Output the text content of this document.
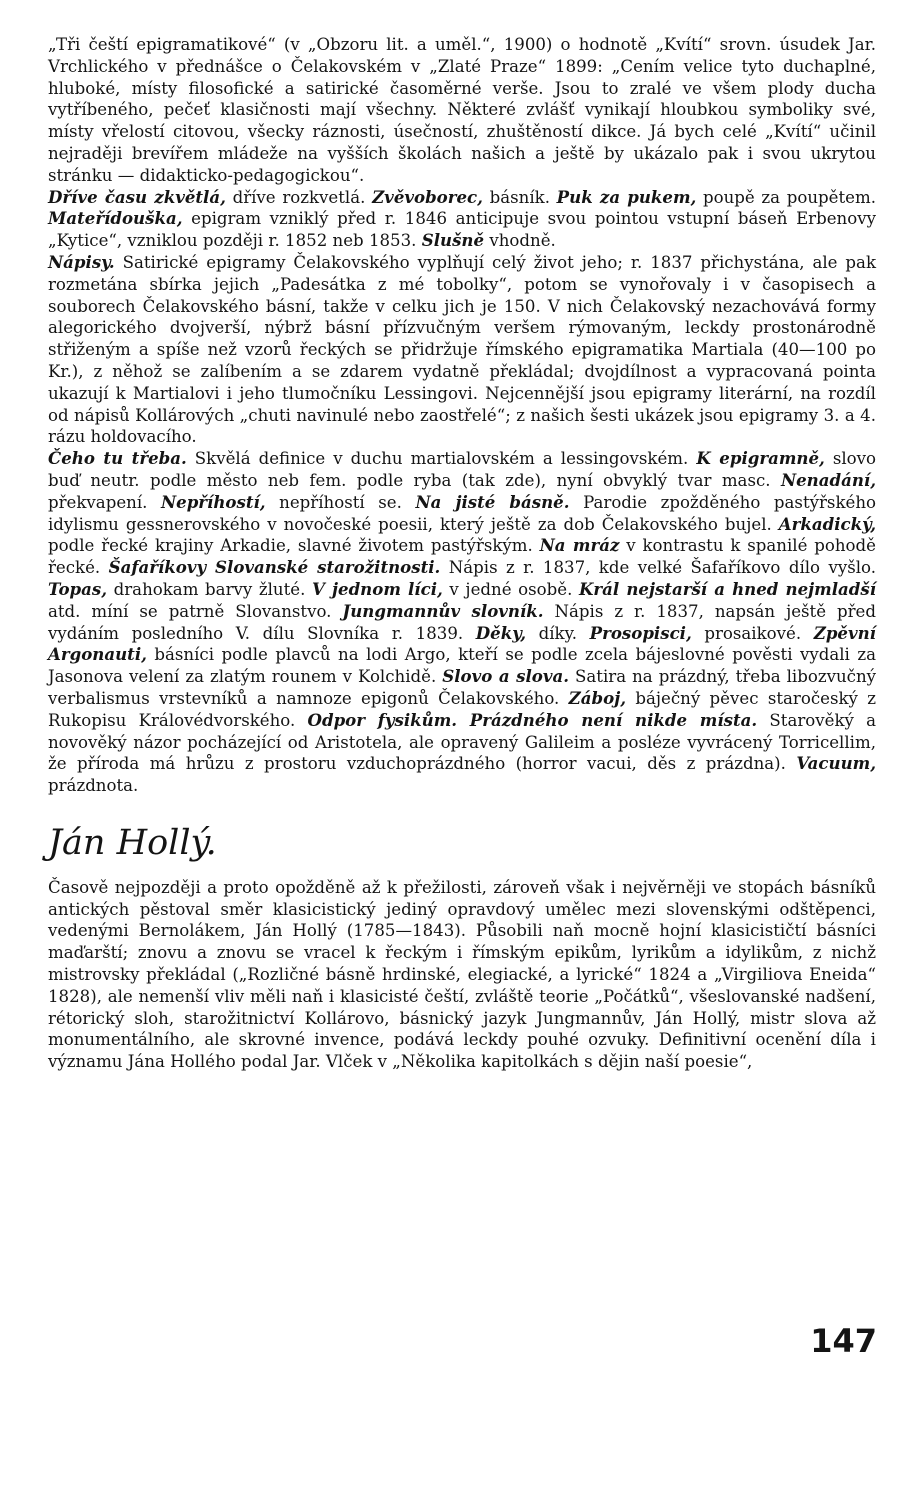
„Tři čeští epigramatikové“ (v „Obzoru lit. a uměl.“, 1900) o hodnotě „Kvítí“ srovn. úsudek Jar. Vrchlického v přednášce o Čelakovském v „Zlaté Praze“ 1899: „Cením velice tyto duchaplné, hluboké, místy filosofické a satirické časoměrné verše. Jsou to zralé ve všem plody ducha vytříbeného, pečeť klasičnosti mají všechny. Některé zvlášť vynikají hloubkou symboliky své, místy vřelostí citovou, všecky ráznosti, úsečností, zhuštěností dikce. Já bych celé „Kvítí“ učinil nejraději brevířem mládeže na vyšších školách našich a ještě by ukázalo pak i svou ukrytou stránku — didakticko-pedagogickou“.

Dříve času zkvětlá, dříve rozkvetlá. Zvěvoborec, básník. Puk za pukem, poupě za poupětem. Mateřídouška, epigram vzniklý před r. 1846 anticipuje svou pointou vstupní báseň Erbenovy „Kytice“, vzniklou později r. 1852 neb 1853. Slušně vhodně.

Nápisy. Satirické epigramy Čelakovského vyplňují celý život jeho; r. 1837 přichystána, ale pak rozmetána sbírka jejich „Padesátka z mé tobolky“, potom se vynořovaly i v časopisech a souborech Čelakovského básní, takže v celku jich je 150. V nich Čelakovský nezachovává formy alegorického dvojverší, nýbrž básní přízvučným veršem rýmovaným, leckdy prostonárodně střiženým a spíše než vzorů řeckých se přidržuje římského epigramatika Martiala (40—100 po Kr.), z něhož se zalíbením a se zdarem vydatně překládal; dvojdílnost a vypracovaná pointa ukazují k Martialovi i jeho tlumočníku Lessingovi. Nejcennější jsou epigramy literární, na rozdíl od nápisů Kollárových „chuti navinulé nebo zaostřelé“; z našich šesti ukázek jsou epigramy 3. a 4. rázu holdovacího.

Čeho tu třeba. Skvělá definice v duchu martialovském a lessingovském. K epigramně, slovo buď neutr. podle město neb fem. podle ryba (tak zde), nyní obvyklý tvar masc. Nenadání, překvapení. Nepříhostí, nepříhostí se. Na jisté básně. Parodie zpožděného pastýřského idylismu gessnerovského v novočeské poesii, který ještě za dob Čelakovského bujel. Arkadický, podle řecké krajiny Arkadie, slavné životem pastýřským. Na mráz v kontrastu k spanilé pohodě řecké. Šafaříkovy Slovanské starožitnosti. Nápis z r. 1837, kde velké Šafaříkovo dílo vyšlo. Topas, drahokam barvy žluté. V jednom líci, v jedné osobě. Král nejstarší a hned nejmladší atd. míní se patrně Slovanstvo. Jungmannův slovník. Nápis z r. 1837, napsán ještě před vydáním posledního V. dílu Slovníka r. 1839. Děky, díky. Prosopisci, prosaikové. Zpěvní Argonauti, básníci podle plavců na lodi Argo, kteří se podle zcela bájeslovné pověsti vydali za Jasonova velení za zlatým rounem v Kolchidě. Slovo a slova. Satira na prázdný, třeba libozvučný verbalismus vrstevníků a namnoze epigonů Čelakovského. Záboj, báječný pěvec staročeský z Rukopisu Královédvorského. Odpor fysikům. Prázdného není nikde místa. Starověký a novověký názor pocházející od Aristotela, ale opravený Galileim a posléze vyvrácený Torricellim, že příroda má hrůzu z prostoru vzduchoprázdného (horror vacui, děs z prázdna). Vacuum, prázdnota.

Ján Hollý.

Časově nejpozději a proto opožděně až k přežilosti, zároveň však i nejvěrněji ve stopách básníků antických pěstoval směr klasicistický jediný opravdový umělec mezi slovenskými odštěpenci, vedenými Bernolákem, Ján Hollý (1785—1843). Působili naň mocně hojní klasicističtí básníci maďarští; znovu a znovu se vracel k řeckým i římským epikům, lyrikům a idylikům, z nichž mistrovsky překládal („Rozličné básně hrdinské, elegiacké, a lyrické“ 1824 a „Virgiliova Eneida“ 1828), ale nemenší vliv měli naň i klasicisté čeští, zvláště teorie „Počátků“, všeslovanské nadšení, rétorický sloh, starožitnictví Kollárovo, básnický jazyk Jungmannův, Ján Hollý, mistr slova až monumentálního, ale skrovné invence, podává leckdy pouhé ozvuky. Definitivní ocenění díla i významu Jána Hollého podal Jar. Vlček v „Několika kapitolkách s dějin naší poesie“,

147
